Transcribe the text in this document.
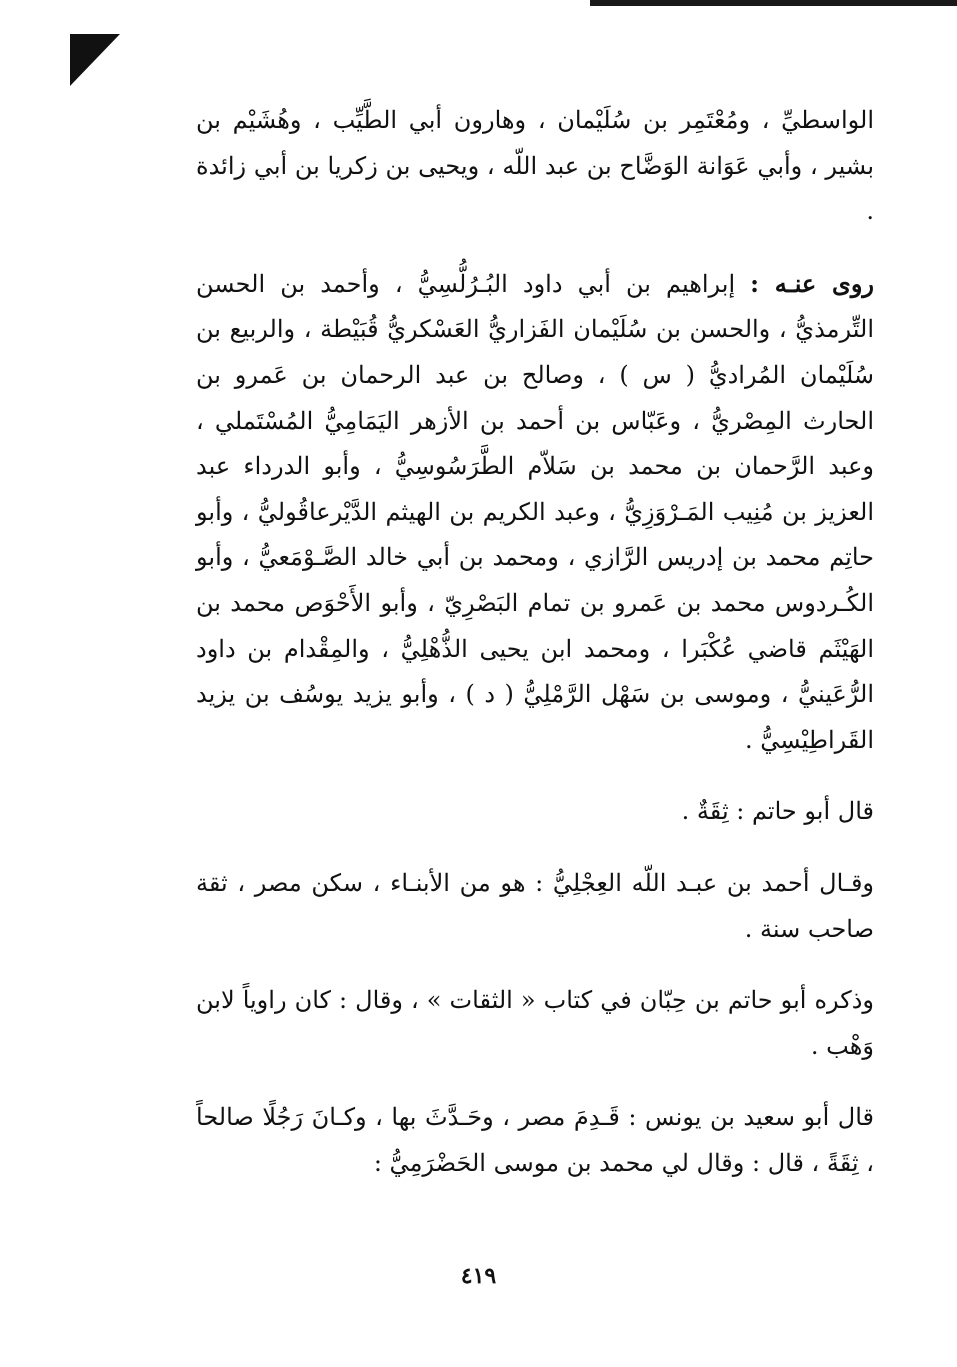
الواسطيِّ ، ومُعْتَمِر بن سُلَيْمان ، وهارون أبي الطَّيِّب ، وهُشَيْم بن بشير ، وأبي عَوَانة الوَضَّاح بن عبد اللّه ، ويحيى بن زكريا بن أبي زائدة .

روى عنـه : إبراهيم بن أبي داود البُـرُلُّسِيُّ ، وأحمد بن الحسن التِّرمذيُّ ، والحسن بن سُلَيْمان الفَزاريُّ العَسْكريُّ قُبَيْطة ، والربيع بن سُلَيْمان المُراديُّ ( س ) ، وصالح بن عبد الرحمان بن عَمرو بن الحارث المِصْريُّ ، وعَبّاس بن أحمد بن الأزهر اليَمَامِيُّ المُسْتَملي ، وعبد الرَّحمان بن محمد بن سَلاّم الطَّرَسُوسِيُّ ، وأبو الدرداء عبد العزيز بن مُنِيب المَـرْوَزِيُّ ، وعبد الكريم بن الهيثم الدَّيْرعاقُوليُّ ، وأبو حاتِم محمد بن إدريس الرَّازي ، ومحمد بن أبي خالد الصَّـوْمَعيُّ ، وأبو الكُـردوس محمد بن عَمرو بن تمام البَصْرِيّ ، وأبو الأَحْوَص محمد بن الهَيْثَم قاضي عُكْبَرا ، ومحمد ابن يحيى الذُّهْلِيُّ ، والمِقْدام بن داود الرُّعَينيُّ ، وموسى بن سَهْل الرَّمْلِيُّ ( د ) ، وأبو يزيد يوسُف بن يزيد القَراطِيْسِيُّ .

قال أبو حاتم : ثِقَةٌ .

وقـال أحمد بن عبـد اللّه العِجْلِيُّ : هو من الأبنـاء ، سكن مصر ، ثقة صاحب سنة .

وذكره أبو حاتم بن حِبّان في كتاب « الثقات » ، وقال : كان راوياً لابن وَهْب .

قال أبو سعيد بن يونس : قَـدِمَ مصر ، وحَـدَّثَ بها ، وكـانَ رَجُلًا صالحاً ، ثِقَةً ، قال : وقال لي محمد بن موسى الحَضْرَمِيُّ :

٤١٩
